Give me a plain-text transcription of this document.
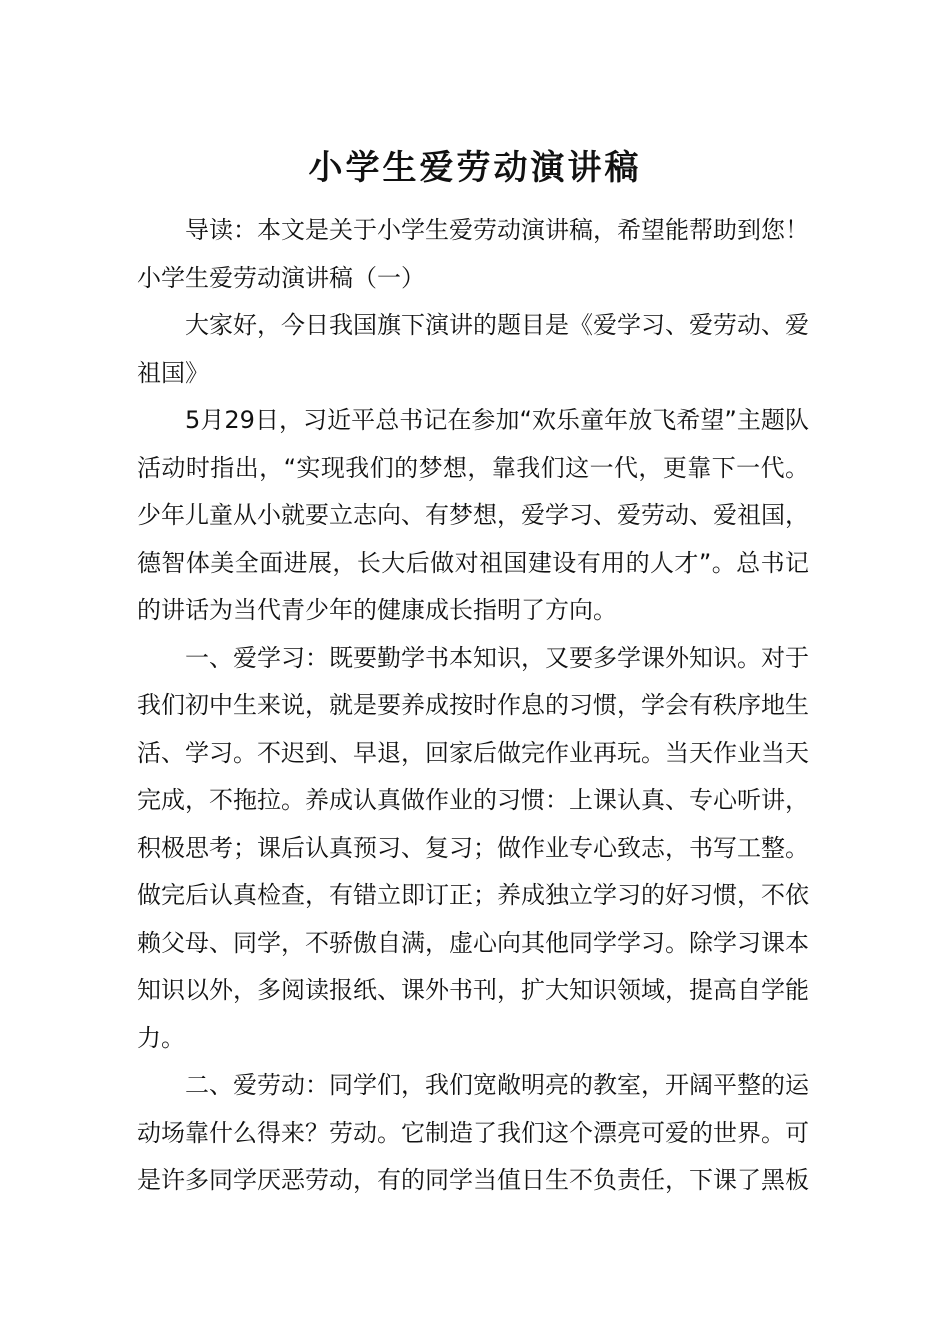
小学生爱劳动演讲稿

导读：本文是关于小学生爱劳动演讲稿，希望能帮助到您！

小学生爱劳动演讲稿（一）

大家好，今日我国旗下演讲的题目是《爱学习、爱劳动、爱祖国》

5月29日，习近平总书记在参加“欢乐童年放飞希望”主题队活动时指出，“实现我们的梦想，靠我们这一代，更靠下一代。少年儿童从小就要立志向、有梦想，爱学习、爱劳动、爱祖国，德智体美全面进展，长大后做对祖国建设有用的人才”。总书记的讲话为当代青少年的健康成长指明了方向。

一、爱学习：既要勤学书本知识，又要多学课外知识。对于我们初中生来说，就是要养成按时作息的习惯，学会有秩序地生活、学习。不迟到、早退，回家后做完作业再玩。当天作业当天完成，不拖拉。养成认真做作业的习惯：上课认真、专心听讲，积极思考；课后认真预习、复习；做作业专心致志，书写工整。做完后认真检查，有错立即订正；养成独立学习的好习惯，不依赖父母、同学，不骄傲自满，虚心向其他同学学习。除学习课本知识以外，多阅读报纸、课外书刊，扩大知识领域，提高自学能力。

二、爱劳动：同学们，我们宽敞明亮的教室，开阔平整的运动场靠什么得来？劳动。它制造了我们这个漂亮可爱的世界。可是许多同学厌恶劳动，有的同学当值日生不负责任，下课了黑板
